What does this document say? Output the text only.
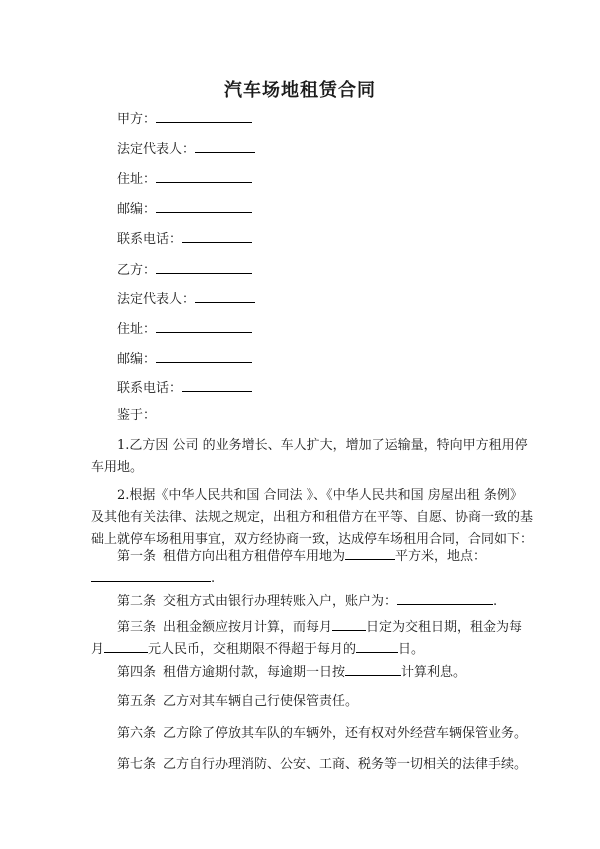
汽车场地租赁合同
甲方：
法定代表人：
住址：
邮编：
联系电话：
乙方：
法定代表人：
住址：
邮编：
联系电话：
鉴于：

1.乙方因 公司 的业务增长、车人扩大，增加了运输量，特向甲方租用停

车用地。

2.根据《中华人民共和国 合同法 》、《中华人民共和国 房屋出租 条例》

及其他有关法律、法规之规定，出租方和租借方在平等、自愿、协商一致的基

础上就停车场租用事宜，双方经协商一致，达成停车场租用合同，合同如下：

第一条 租借方向出租方租借停车用地为	平方米，地点：
.
第二条 交租方式由银行办理转账入户，账户为：	.
第三条 出租金额应按月计算，而每月	日定为交租日期，租金为每
月	元人民币，交租期限不得超于每月的	日。
第四条 租借方逾期付款，每逾期一日按	计算利息。
第五条 乙方对其车辆自己行使保管责任。
第六条 乙方除了停放其车队的车辆外，还有权对外经营车辆保管业务。
第七条 乙方自行办理消防、公安、工商、税务等一切相关的法律手续。
